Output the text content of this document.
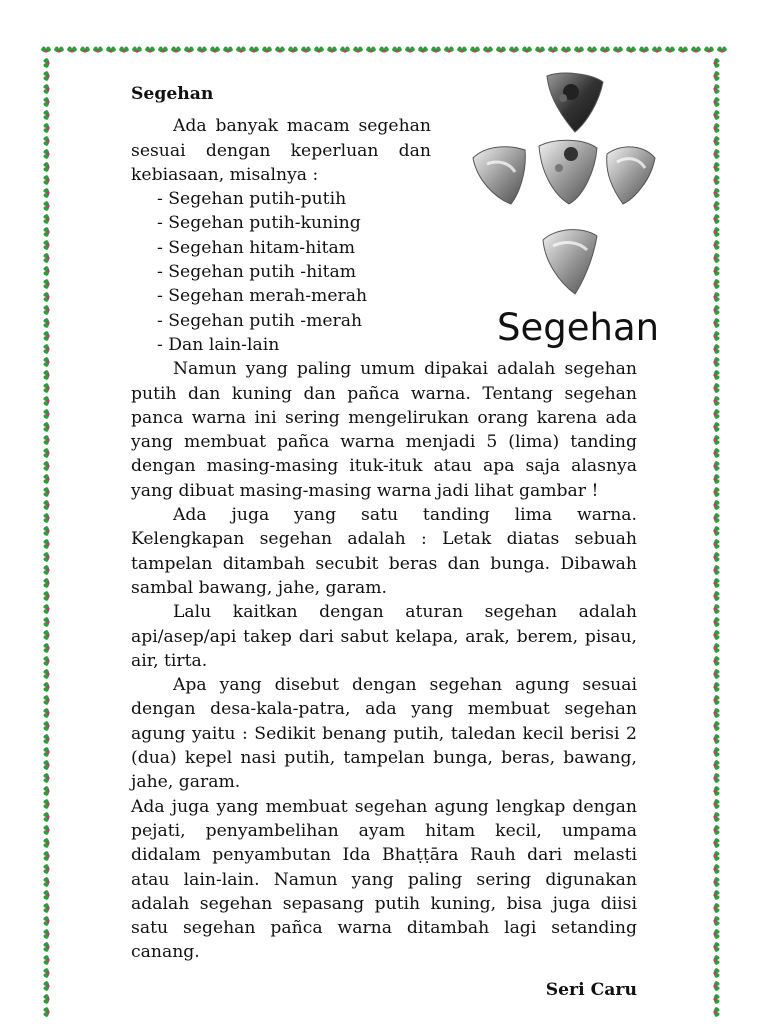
Segehan

Ada banyak macam segehan sesuai dengan keperluan dan kebiasaan, misalnya :

- Segehan putih-putih
- Segehan putih-kuning
- Segehan hitam-hitam
- Segehan putih -hitam
- Segehan merah-merah
- Segehan putih -merah
- Dan lain-lain

Namun yang paling umum dipakai adalah segehan putih dan kuning dan pañca warna. Tentang segehan panca warna ini sering mengelirukan orang karena ada yang membuat pañca warna menjadi 5 (lima) tanding dengan masing-masing ituk-ituk atau apa saja alasnya yang dibuat masing-masing warna jadi lihat gambar !

Ada juga yang satu tanding lima warna. Kelengkapan segehan adalah : Letak diatas sebuah tampelan ditambah secubit beras dan bunga. Dibawah sambal bawang, jahe, garam.

Lalu kaitkan dengan aturan segehan adalah api/asep/api takep dari sabut kelapa, arak, berem, pisau, air, tirta.

Apa yang disebut dengan segehan agung sesuai dengan desa-kala-patra, ada yang membuat segehan agung yaitu : Sedikit benang putih, taledan kecil berisi 2 (dua) kepel nasi putih, tampelan bunga, beras, bawang, jahe, garam.

Ada juga yang membuat segehan agung lengkap dengan pejati, penyambelihan ayam hitam kecil, umpama didalam penyambutan Ida Bhaṭṭāra Rauh dari melasti atau lain-lain. Namun yang paling sering digunakan adalah segehan sepasang putih kuning, bisa juga diisi satu segehan pañca warna ditambah lagi setanding canang.

Seri Caru
Segehan
